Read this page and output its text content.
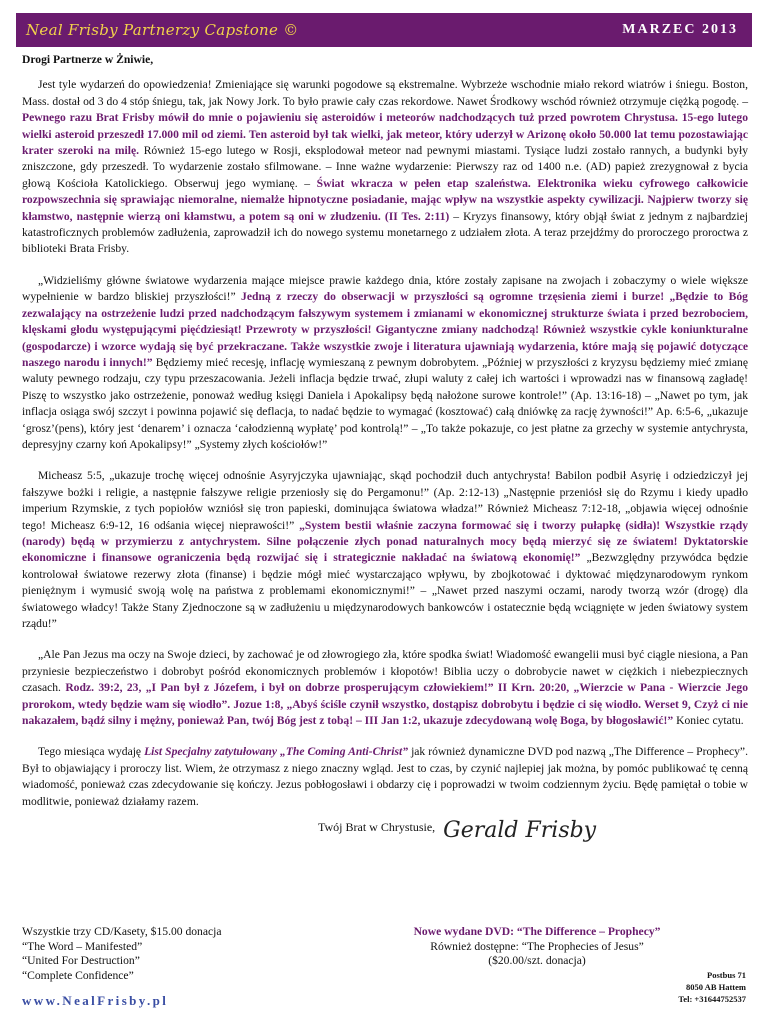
Neal Frisby Partnerzy Capstone ©	MARZEC 2013

Drogi Partnerze w Żniwie,

Jest tyle wydarzeń do opowiedzenia! Zmieniające się warunki pogodowe są ekstremalne. Wybrzeże wschodnie miało rekord wiatrów i śniegu. Boston, Mass. dostał od 3 do 4 stóp śniegu, tak, jak Nowy Jork. To było prawie cały czas rekordowe. Nawet Środkowy wschód również otrzymuje ciężką pogodę. – Pewnego razu Brat Frisby mówił do mnie o pojawieniu się asteroidów i meteorów nadchodzących tuż przed powrotem Chrystusa. 15-ego lutego wielki asteroid przeszedł 17.000 mil od ziemi. Ten asteroid był tak wielki, jak meteor, który uderzył w Arizonę około 50.000 lat temu pozostawiając krater szeroki na milę. Również 15-ego lutego w Rosji, eksplodował meteor nad pewnymi miastami. Tysiące ludzi zostało rannych, a budynki były zniszczone, gdy przeszedł. To wydarzenie zostało sfilmowane. – Inne ważne wydarzenie: Pierwszy raz od 1400 n.e. (AD) papież zrezygnował z bycia głową Kościoła Katolickiego. Obserwuj jego wymianę. – Świat wkracza w pełen etap szaleństwa. Elektronika wieku cyfrowego całkowicie rozpowszechnia się sprawiając niemoralne, niemalże hipnotyczne posiadanie, mając wpływ na wszystkie aspekty cywilizacji. Najpierw tworzy się kłamstwo, następnie wierzą oni kłamstwu, a potem są oni w złudzeniu. (II Tes. 2:11) – Kryzys finansowy, który objął świat z jednym z najbardziej katastroficznych problemów zadłużenia, zaprowadził ich do nowego systemu monetarnego z udziałem złota. A teraz przejdźmy do proroczego proroctwa z biblioteki Brata Frisby.

„Widzieliśmy główne światowe wydarzenia mające miejsce prawie każdego dnia, które zostały zapisane na zwojach i zobaczymy o wiele większe wypełnienie w bardzo bliskiej przyszłości!” Jedną z rzeczy do obserwacji w przyszłości są ogromne trzęsienia ziemi i burze! „Będzie to Bóg zezwalający na ostrzeżenie ludzi przed nadchodzącym fałszywym systemem i zmianami w ekonomicznej strukturze świata i przed bezrobociem, klęskami głodu występującymi pięćdziesiąt! Przewroty w przyszłości! Gigantyczne zmiany nadchodzą! Również wszystkie cykle koniunkturalne (gospodarcze) i wzorce wydają się być przekraczane. Także wszystkie zwoje i literatura ujawniają wydarzenia, które mają się pojawić dotyczące naszego narodu i innych!” Będziemy mieć recesję, inflację wymieszaną z pewnym dobrobytem. „Później w przyszłości z kryzysu będziemy mieć zmianę waluty pewnego rodzaju, czy typu przeszacowania. Jeżeli inflacja będzie trwać, złupi waluty z całej ich wartości i wprowadzi nas w finansową zagładę! Piszę to wszystko jako ostrzeżenie, ponoważ według księgi Daniela i Apokalipsy będą nałożone surowe kontrole!” (Ap. 13:16-18) – „Nawet po tym, jak inflacja osiąga swój szczyt i powinna pojawić się deflacja, to nadać będzie to wymagać (kosztować) całą dniówkę za rację żywności!” Ap. 6:5-6, „ukazuje ‘grosz’(pens), który jest ‘denarem’ i oznacza ‘całodzienną wypłatę’ pod kontrolą!” – „To także pokazuje, co jest płatne za grzechy w systemie antychrysta, depresyjny czarny koń Apokalipsy!” „Systemy złych kościołów!”

Micheasz 5:5, „ukazuje trochę więcej odnośnie Asyryjczyka ujawniając, skąd pochodził duch antychrysta! Babilon podbił Asyrię i odziedziczył jej fałszywe bożki i religie, a następnie fałszywe religie przeniosły się do Pergamonu!” (Ap. 2:12-13) „Następnie przeniósł się do Rzymu i kiedy upadło imperium Rzymskie, z tych popiołów wzniósł się tron papieski, dominująca światowa władza!” Również Micheasz 7:12-18, „objawia więcej odnośnie tego! Micheasz 6:9-12, 16 odśania więcej nieprawości!” „System bestii właśnie zaczyna formować się i tworzy pułapkę (sidła)! Wszystkie rządy (narody) będą w przymierzu z antychrystem. Silne połączenie złych ponad naturalnych mocy będą mierzyć się ze światem! Dyktatorskie ekonomiczne i finansowe ograniczenia będą rozwijać się i strategicznie nakładać na światową ekonomię!” „Bezwzględny przywódca będzie kontrolował światowe rezerwy złota (finanse) i będzie mógł mieć wystarczająco wpływu, by zbojkotować i dyktować międzynarodowym rynkom pieniężnym i wymusić swoją wolę na państwa z problemami ekonomicznymi!” – „Nawet przed naszymi oczami, narody tworzą wzór (drogę) dla światowego władcy! Także Stany Zjednoczone są w zadłużeniu u międzynarodowych bankowców i ostatecznie będą wciągnięte w jeden światowy system rządu!”

„Ale Pan Jezus ma oczy na Swoje dzieci, by zachować je od złowrogiego zła, które spodka świat! Wiadomość ewangelii musi być ciągle niesiona, a Pan przyniesie bezpieczeństwo i dobrobyt pośród ekonomicznych problemów i kłopotów! Biblia uczy o dobrobycie nawet w ciężkich i niebezpiecznych czasach. Rodz. 39:2, 23, „I Pan był z Józefem, i był on dobrze prosperującym człowiekiem!” II Krn. 20:20, „Wierzcie w Pana - Wierzcie Jego prorokom, wtedy będzie wam się wiodło”. Jozue 1:8, „Abyś ściśle czynił wszystko, dostąpisz dobrobytu i będzie ci się wiodło. Werset 9, Czyż ci nie nakazałem, bądź silny i mężny, ponieważ Pan, twój Bóg jest z tobą! – III Jan 1:2, ukazuje zdecydowaną wolę Boga, by błogosławić!” Koniec cytatu.

Tego miesiąca wydaję List Specjalny zatytułowany „The Coming Anti-Christ” jak również dynamiczne DVD pod nazwą „The Difference – Prophecy”. Był to objawiający i proroczy list. Wiem, że otrzymasz z niego znaczny wgląd. Jest to czas, by czynić najlepiej jak można, by pomóc publikować tę cenną wiadomość, ponieważ czas zdecydowanie się kończy. Jezus pobłogosławi i obdarzy cię i poprowadzi w twoim codziennym życiu. Będę pamiętał o tobie w modlitwie, ponieważ działamy razem.

Twój Brat w Chrystusie, Gerald Frisby
Wszystkie trzy CD/Kasety, $15.00 donacja
“The Word – Manifested”
“United For Destruction”
“Complete Confidence”
Nowe wydane DVD: “The Difference – Prophecy”
Również dostępne: “The Prophecies of Jesus”
($20.00/szt. donacja)
Postbus 71
8050 AB Hattem
Tel: +31644752537
www.NealFrisby.pl
